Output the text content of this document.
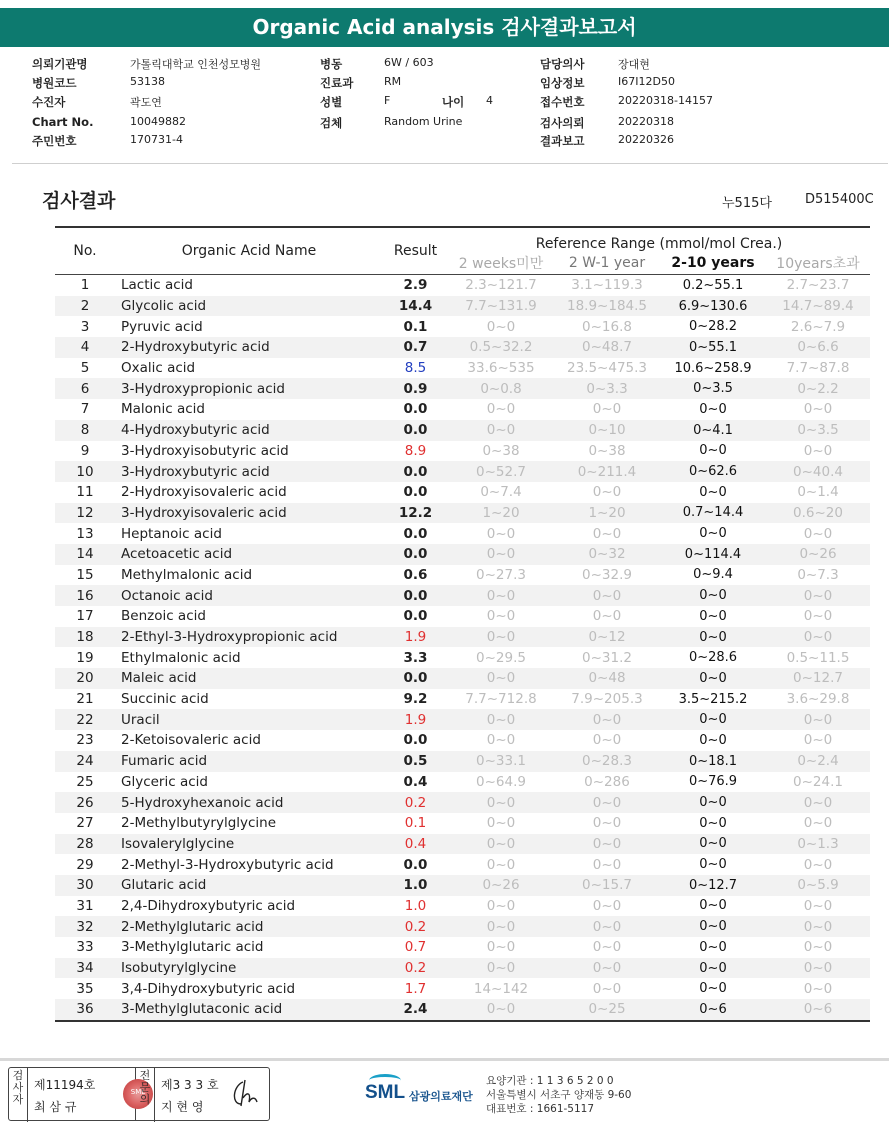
Organic Acid analysis 검사결과보고서
의뢰기관명	가톨릭대학교 인천성모병원	병동	6W / 603	담당의사	장대현
병원코드	53138	진료과	RM	임상정보	I67I12D50
수진자	곽도연	성별	F	나이 4	접수번호	20220318-14157
Chart No.	10049882	검체	Random Urine	검사의뢰	20220318
주민번호	170731-4	결과보고	20220326
검사결과	누515다	D515400C
No.	Organic Acid Name	Result	Reference Range (mmol/mol Crea.)			
			2 weeks미만	2 W-1 year	2-10 years	10years초과
1	Lactic acid	2.9	2.3~121.7	3.1~119.3	0.2~55.1	2.7~23.7
2	Glycolic acid	14.4	7.7~131.9	18.9~184.5	6.9~130.6	14.7~89.4
3	Pyruvic acid	0.1	0~0	0~16.8	0~28.2	2.6~7.9
4	2-Hydroxybutyric acid	0.7	0.5~32.2	0~48.7	0~55.1	0~6.6
5	Oxalic acid	8.5	33.6~535	23.5~475.3	10.6~258.9	7.7~87.8
6	3-Hydroxypropionic acid	0.9	0~0.8	0~3.3	0~3.5	0~2.2
7	Malonic acid	0.0	0~0	0~0	0~0	0~0
8	4-Hydroxybutyric acid	0.0	0~0	0~10	0~4.1	0~3.5
9	3-Hydroxyisobutyric acid	8.9	0~38	0~38	0~0	0~0
10	3-Hydroxybutyric acid	0.0	0~52.7	0~211.4	0~62.6	0~40.4
11	2-Hydroxyisovaleric acid	0.0	0~7.4	0~0	0~0	0~1.4
12	3-Hydroxyisovaleric acid	12.2	1~20	1~20	0.7~14.4	0.6~20
13	Heptanoic acid	0.0	0~0	0~0	0~0	0~0
14	Acetoacetic acid	0.0	0~0	0~32	0~114.4	0~26
15	Methylmalonic acid	0.6	0~27.3	0~32.9	0~9.4	0~7.3
16	Octanoic acid	0.0	0~0	0~0	0~0	0~0
17	Benzoic acid	0.0	0~0	0~0	0~0	0~0
18	2-Ethyl-3-Hydroxypropionic acid	1.9	0~0	0~12	0~0	0~0
19	Ethylmalonic acid	3.3	0~29.5	0~31.2	0~28.6	0.5~11.5
20	Maleic acid	0.0	0~0	0~48	0~0	0~12.7
21	Succinic acid	9.2	7.7~712.8	7.9~205.3	3.5~215.2	3.6~29.8
22	Uracil	1.9	0~0	0~0	0~0	0~0
23	2-Ketoisovaleric acid	0.0	0~0	0~0	0~0	0~0
24	Fumaric acid	0.5	0~33.1	0~28.3	0~18.1	0~2.4
25	Glyceric acid	0.4	0~64.9	0~286	0~76.9	0~24.1
26	5-Hydroxyhexanoic acid	0.2	0~0	0~0	0~0	0~0
27	2-Methylbutyrylglycine	0.1	0~0	0~0	0~0	0~0
28	Isovalerylglycine	0.4	0~0	0~0	0~0	0~1.3
29	2-Methyl-3-Hydroxybutyric acid	0.0	0~0	0~0	0~0	0~0
30	Glutaric acid	1.0	0~26	0~15.7	0~12.7	0~5.9
31	2,4-Dihydroxybutyric acid	1.0	0~0	0~0	0~0	0~0
32	2-Methylglutaric acid	0.2	0~0	0~0	0~0	0~0
33	3-Methylglutaric acid	0.7	0~0	0~0	0~0	0~0
34	Isobutyrylglycine	0.2	0~0	0~0	0~0	0~0
35	3,4-Dihydroxybutyric acid	1.7	14~142	0~0	0~0	0~0
36	3-Methylglutaconic acid	2.4	0~0	0~25	0~6	0~6
검사자
제11194호
최 삼 규
SML
전문의
제3 3 3 호
지 현 영
SML 삼광의료재단
요양기관 : 1 1 3 6 5 2 0 0
서울특별시 서초구 양재동 9-60
대표번호 : 1661-5117
